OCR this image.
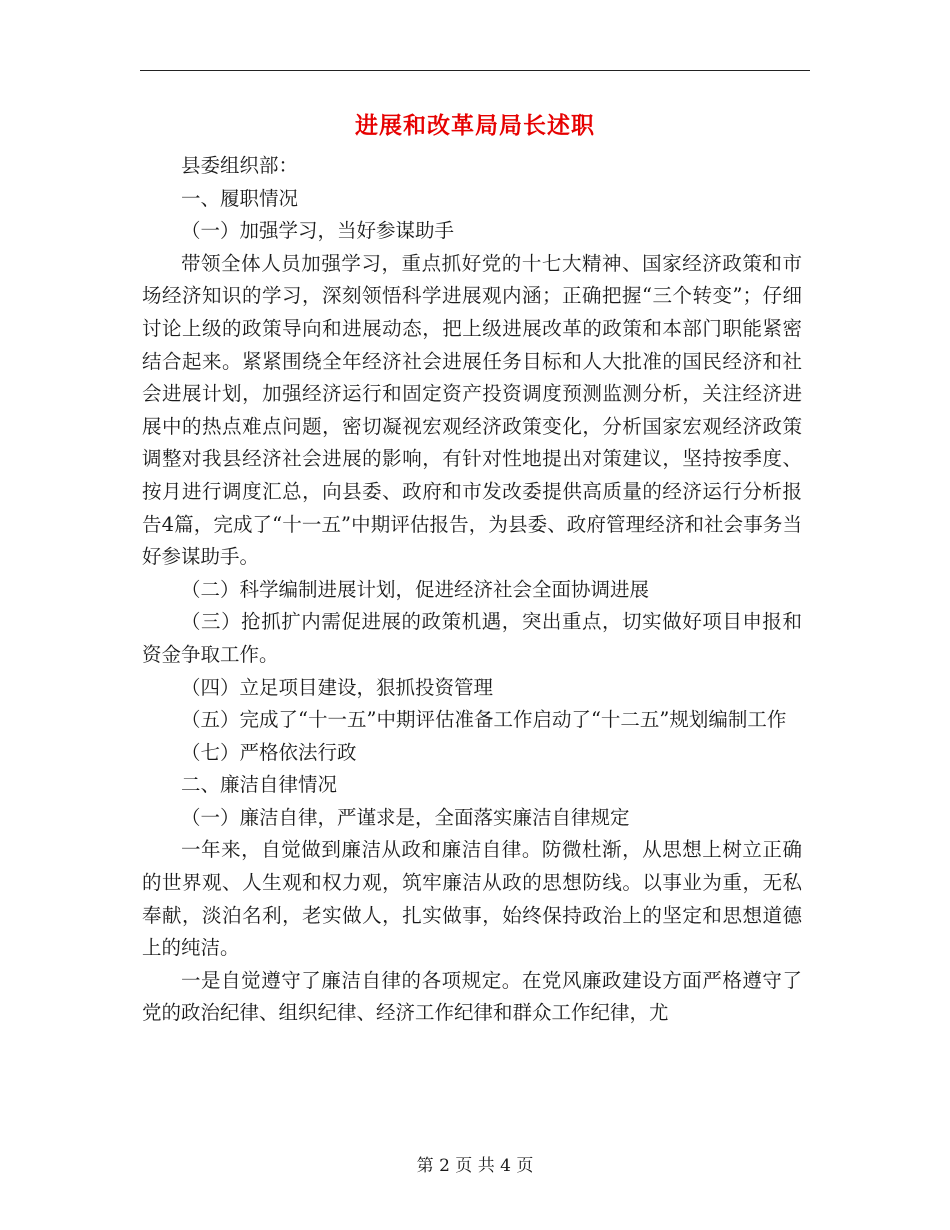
进展和改革局局长述职

县委组织部：

一、履职情况

（一）加强学习，当好参谋助手

带领全体人员加强学习，重点抓好党的十七大精神、国家经济政策和市场经济知识的学习，深刻领悟科学进展观内涵；正确把握“三个转变”；仔细讨论上级的政策导向和进展动态，把上级进展改革的政策和本部门职能紧密结合起来。紧紧围绕全年经济社会进展任务目标和人大批准的国民经济和社会进展计划，加强经济运行和固定资产投资调度预测监测分析，关注经济进展中的热点难点问题，密切凝视宏观经济政策变化，分析国家宏观经济政策调整对我县经济社会进展的影响，有针对性地提出对策建议，坚持按季度、按月进行调度汇总，向县委、政府和市发改委提供高质量的经济运行分析报告4篇，完成了“十一五”中期评估报告，为县委、政府管理经济和社会事务当好参谋助手。

（二）科学编制进展计划，促进经济社会全面协调进展

（三）抢抓扩内需促进展的政策机遇，突出重点，切实做好项目申报和资金争取工作。

（四）立足项目建设，狠抓投资管理

（五）完成了“十一五”中期评估准备工作启动了“十二五”规划编制工作

（七）严格依法行政

二、廉洁自律情况

（一）廉洁自律，严谨求是，全面落实廉洁自律规定

一年来，自觉做到廉洁从政和廉洁自律。防微杜渐，从思想上树立正确的世界观、人生观和权力观，筑牢廉洁从政的思想防线。以事业为重，无私奉献，淡泊名利，老实做人，扎实做事，始终保持政治上的坚定和思想道德上的纯洁。

一是自觉遵守了廉洁自律的各项规定。在党风廉政建设方面严格遵守了党的政治纪律、组织纪律、经济工作纪律和群众工作纪律，尤

第 2 页 共 4 页
